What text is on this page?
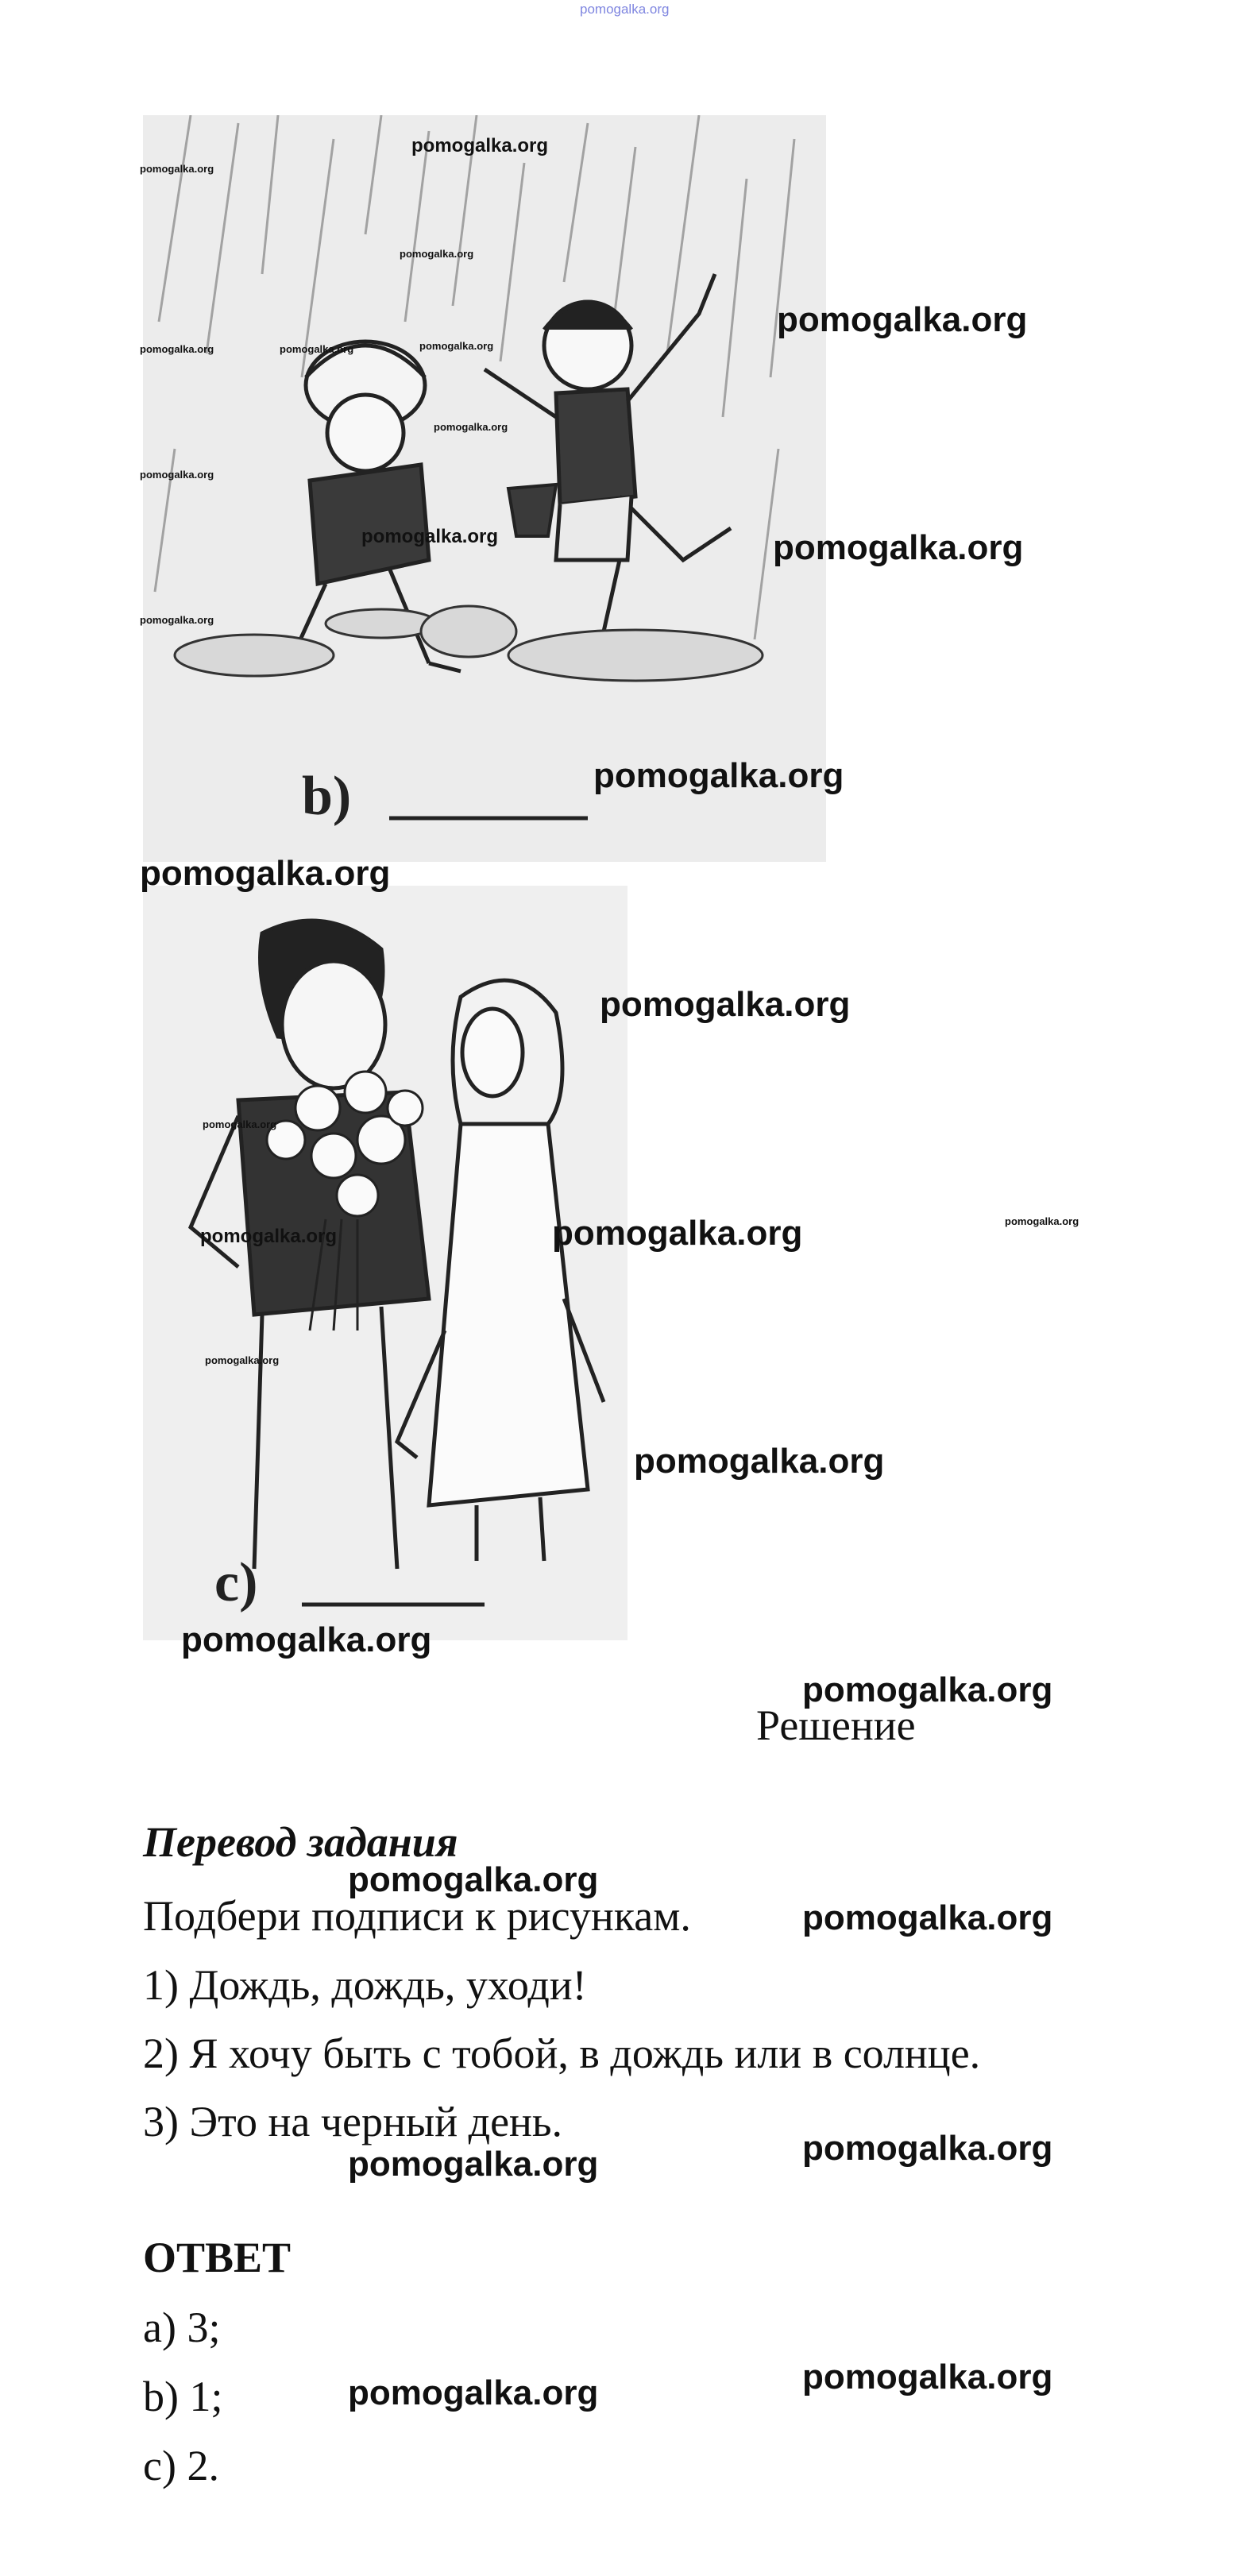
pomogalka.org
b)
c)
Решение
Перевод задания
Подбери подписи к рисункам.
1) Дождь, дождь, уходи!
2) Я хочу быть с тобой, в дождь или в солнце.
3) Это на черный день.
ОТВЕТ
a) 3;
b) 1;
c) 2.
pomogalka.org
pomogalka.org
pomogalka.org
pomogalka.org
pomogalka.org	pomogalka.org	pomogalka.org
pomogalka.org
pomogalka.org
pomogalka.org	pomogalka.org
pomogalka.org
pomogalka.org
pomogalka.org
pomogalka.org
pomogalka.org
pomogalka.org	pomogalka.org	pomogalka.org
pomogalka.org
pomogalka.org
pomogalka.org
pomogalka.org
pomogalka.org
pomogalka.org
pomogalka.org	pomogalka.org
pomogalka.org	pomogalka.org
